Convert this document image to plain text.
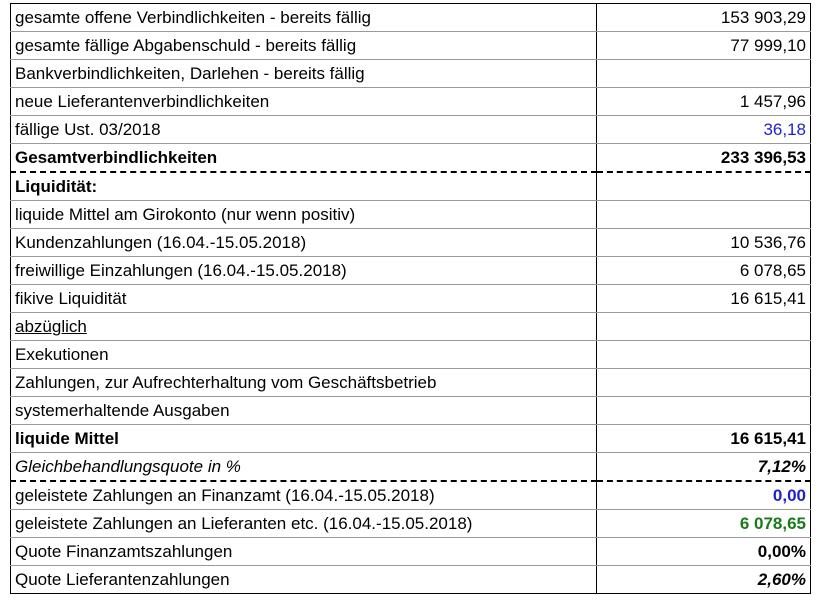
gesamte offene Verbindlichkeiten - bereits fällig	153 903,29
gesamte fällige Abgabenschuld - bereits fällig	77 999,10
Bankverbindlichkeiten, Darlehen - bereits fällig	
neue Lieferantenverbindlichkeiten	1 457,96
fällige Ust. 03/2018	36,18
Gesamtverbindlichkeiten	233 396,53
Liquidität:	
liquide Mittel am Girokonto (nur wenn positiv)	
Kundenzahlungen (16.04.-15.05.2018)	10 536,76
freiwillige Einzahlungen (16.04.-15.05.2018)	6 078,65
fikive Liquidität	16 615,41
abzüglich	
Exekutionen	
Zahlungen, zur Aufrechterhaltung vom Geschäftsbetrieb	
systemerhaltende Ausgaben	
liquide Mittel	16 615,41
Gleichbehandlungsquote in %	7,12%
geleistete Zahlungen an Finanzamt (16.04.-15.05.2018)	0,00
geleistete Zahlungen an Lieferanten etc. (16.04.-15.05.2018)	6 078,65
Quote Finanzamtszahlungen	0,00%
Quote Lieferantenzahlungen	2,60%
